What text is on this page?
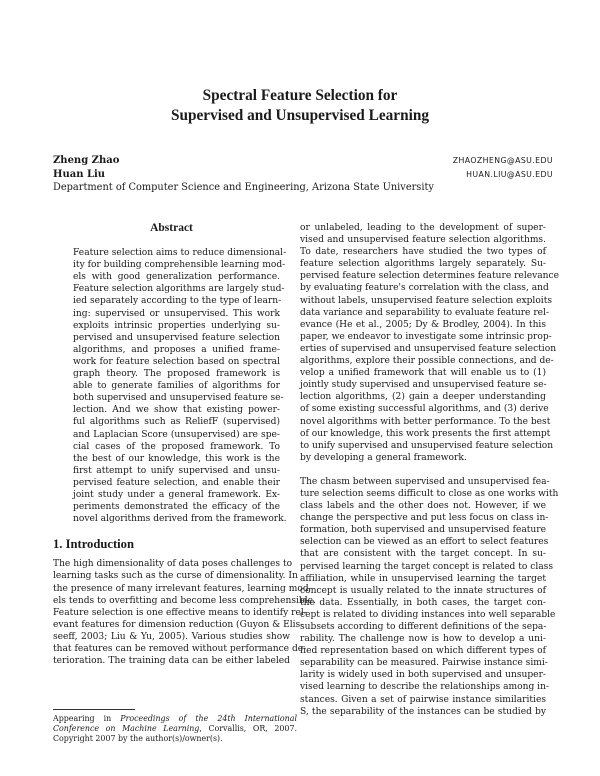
Spectral Feature Selection for
Supervised and Unsupervised Learning
Zheng Zhao	ZHAOZHENG@ASU.EDU
Huan Liu	HUAN.LIU@ASU.EDU
Department of Computer Science and Engineering, Arizona State University
Abstract
Feature selection aims to reduce dimensional-
ity for building comprehensible learning mod-
els with good generalization performance.
Feature selection algorithms are largely stud-
ied separately according to the type of learn-
ing: supervised or unsupervised. This work
exploits intrinsic properties underlying su-
pervised and unsupervised feature selection
algorithms, and proposes a unified frame-
work for feature selection based on spectral
graph theory. The proposed framework is
able to generate families of algorithms for
both supervised and unsupervised feature se-
lection. And we show that existing power-
ful algorithms such as ReliefF (supervised)
and Laplacian Score (unsupervised) are spe-
cial cases of the proposed framework. To
the best of our knowledge, this work is the
first attempt to unify supervised and unsu-
pervised feature selection, and enable their
joint study under a general framework. Ex-
periments demonstrated the efficacy of the
novel algorithms derived from the framework.
1. Introduction
The high dimensionality of data poses challenges to
learning tasks such as the curse of dimensionality. In
the presence of many irrelevant features, learning mod-
els tends to overfitting and become less comprehensible.
Feature selection is one effective means to identify rel-
evant features for dimension reduction (Guyon & Elis-
seeff, 2003; Liu & Yu, 2005). Various studies show
that features can be removed without performance de-
terioration. The training data can be either labeled
or unlabeled, leading to the development of super-
vised and unsupervised feature selection algorithms.
To date, researchers have studied the two types of
feature selection algorithms largely separately. Su-
pervised feature selection determines feature relevance
by evaluating feature's correlation with the class, and
without labels, unsupervised feature selection exploits
data variance and separability to evaluate feature rel-
evance (He et al., 2005; Dy & Brodley, 2004). In this
paper, we endeavor to investigate some intrinsic prop-
erties of supervised and unsupervised feature selection
algorithms, explore their possible connections, and de-
velop a unified framework that will enable us to (1)
jointly study supervised and unsupervised feature se-
lection algorithms, (2) gain a deeper understanding
of some existing successful algorithms, and (3) derive
novel algorithms with better performance. To the best
of our knowledge, this work presents the first attempt
to unify supervised and unsupervised feature selection
by developing a general framework.
The chasm between supervised and unsupervised fea-
ture selection seems difficult to close as one works with
class labels and the other does not. However, if we
change the perspective and put less focus on class in-
formation, both supervised and unsupervised feature
selection can be viewed as an effort to select features
that are consistent with the target concept. In su-
pervised learning the target concept is related to class
affiliation, while in unsupervised learning the target
concept is usually related to the innate structures of
the data. Essentially, in both cases, the target con-
cept is related to dividing instances into well separable
subsets according to different definitions of the sepa-
rability. The challenge now is how to develop a uni-
fied representation based on which different types of
separability can be measured. Pairwise instance simi-
larity is widely used in both supervised and unsuper-
vised learning to describe the relationships among in-
stances. Given a set of pairwise instance similarities
S, the separability of the instances can be studied by
Appearing in Proceedings of the 24th International Conference on Machine Learning, Corvallis, OR, 2007. Copyright 2007 by the author(s)/owner(s).
